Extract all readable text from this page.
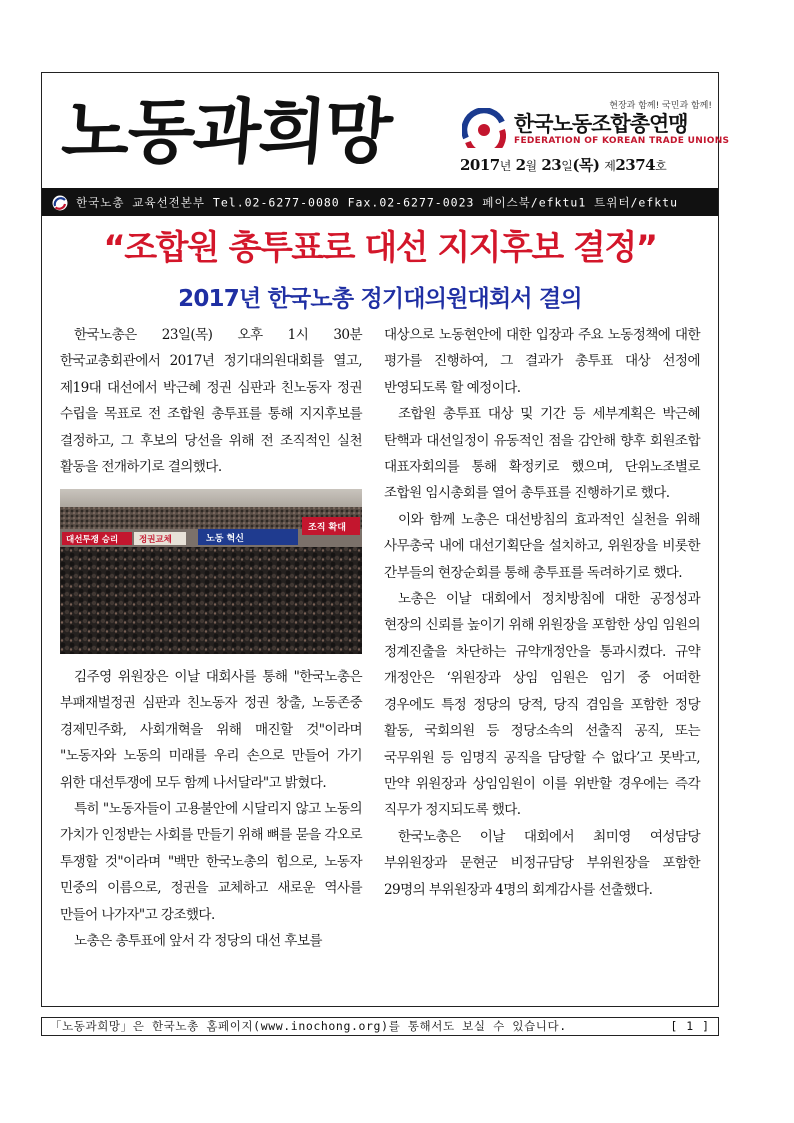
노동과희망	현장과 함께! 국민과 함께!
한국노동조합총연맹
FEDERATION OF KOREAN TRADE UNIONS
2017년 2월 23일(목) 제2374호
한국노총 교육선전본부 Tel.02-6277-0080 Fax.02-6277-0023 페이스북/efktu1 트위터/efktu
“조합원 총투표로 대선 지지후보 결정”
2017년 한국노총 정기대의원대회서 결의

한국노총은 23일(목) 오후 1시 30분 한국교총회관에서 2017년 정기대의원대회를 열고, 제19대 대선에서 박근혜 정권 심판과 친노동자 정권 수립을 목표로 전 조합원 총투표를 통해 지지후보를 결정하고, 그 후보의 당선을 위해 전 조직적인 실천 활동을 전개하기로 결의했다.

대선투쟁 승리 정권교체	노동 혁신
조직 확대

김주영 위원장은 이날 대회사를 통해 "한국노총은 부패재벌정권 심판과 친노동자 정권 창출, 노동존중 경제민주화, 사회개혁을 위해 매진할 것"이라며 "노동자와 노동의 미래를 우리 손으로 만들어 가기 위한 대선투쟁에 모두 함께 나서달라"고 밝혔다.

특히 "노동자들이 고용불안에 시달리지 않고 노동의 가치가 인정받는 사회를 만들기 위해 뼈를 묻을 각오로 투쟁할 것"이라며 "백만 한국노총의 힘으로, 노동자 민중의 이름으로, 정권을 교체하고 새로운 역사를 만들어 나가자"고 강조했다.

노총은 총투표에 앞서 각 정당의 대선 후보를

대상으로 노동현안에 대한 입장과 주요 노동정책에 대한 평가를 진행하여, 그 결과가 총투표 대상 선정에 반영되도록 할 예정이다.

조합원 총투표 대상 및 기간 등 세부계획은 박근혜 탄핵과 대선일정이 유동적인 점을 감안해 향후 회원조합 대표자회의를 통해 확정키로 했으며, 단위노조별로 조합원 임시총회를 열어 총투표를 진행하기로 했다.

이와 함께 노총은 대선방침의 효과적인 실천을 위해 사무총국 내에 대선기획단을 설치하고, 위원장을 비롯한 간부들의 현장순회를 통해 총투표를 독려하기로 했다.

노총은 이날 대회에서 정치방침에 대한 공정성과 현장의 신뢰를 높이기 위해 위원장을 포함한 상임 임원의 정계진출을 차단하는 규약개정안을 통과시켰다. 규약 개정안은 ‘위원장과 상임 임원은 임기 중 어떠한 경우에도 특정 정당의 당적, 당직 겸임을 포함한 정당 활동, 국회의원 등 정당소속의 선출직 공직, 또는 국무위원 등 임명직 공직을 담당할 수 없다’고 못박고, 만약 위원장과 상임임원이 이를 위반할 경우에는 즉각 직무가 정지되도록 했다.

한국노총은 이날 대회에서 최미영 여성담당 부위원장과 문현군 비정규담당 부위원장을 포함한 29명의 부위원장과 4명의 회계감사를 선출했다.

「노동과희망」은 한국노총 홈페이지(www.inochong.org)를 통해서도 보실 수 있습니다.	[ 1 ]
